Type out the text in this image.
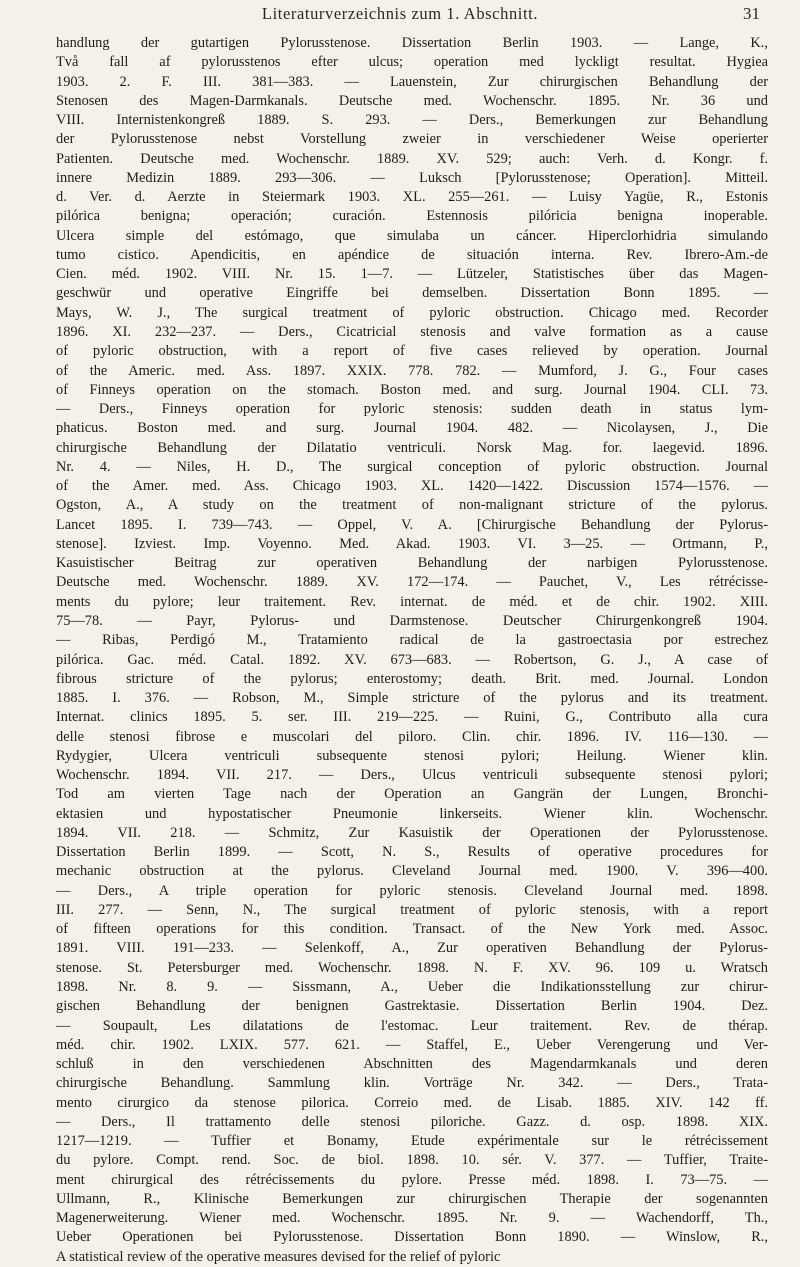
Literaturverzeichnis zum 1. Abschnitt.	31
handlung der gutartigen Pylorusstenose. Dissertation Berlin 1903. — Lange, K.,
Två fall af pylorusstenos efter ulcus; operation med lyckligt resultat. Hygiea
1903. 2. F. III. 381—383. — Lauenstein, Zur chirurgischen Behandlung der
Stenosen des Magen-Darmkanals. Deutsche med. Wochenschr. 1895. Nr. 36 und
VIII. Internistenkongreß 1889. S. 293. — Ders., Bemerkungen zur Behandlung
der Pylorusstenose nebst Vorstellung zweier in verschiedener Weise operierter
Patienten. Deutsche med. Wochenschr. 1889. XV. 529; auch: Verh. d. Kongr. f.
innere Medizin 1889. 293—306. — Luksch [Pylorusstenose; Operation]. Mitteil.
d. Ver. d. Aerzte in Steiermark 1903. XL. 255—261. — Luisy Yagüe, R., Estonis
pilórica benigna; operación; curación. Estennosis pilóricia benigna inoperable.
Ulcera simple del estómago, que simulaba un cáncer. Hiperclorhidria simulando
tumo cistico. Apendicitis, en apéndice de situación interna. Rev. Ibrero-Am.-de
Cien. méd. 1902. VIII. Nr. 15. 1—7. — Lützeler, Statistisches über das Magen-
geschwür und operative Eingriffe bei demselben. Dissertation Bonn 1895. —
Mays, W. J., The surgical treatment of pyloric obstruction. Chicago med. Recorder
1896. XI. 232—237. — Ders., Cicatricial stenosis and valve formation as a cause
of pyloric obstruction, with a report of five cases relieved by operation. Journal
of the Americ. med. Ass. 1897. XXIX. 778. 782. — Mumford, J. G., Four cases
of Finneys operation on the stomach. Boston med. and surg. Journal 1904. CLI. 73.
— Ders., Finneys operation for pyloric stenosis: sudden death in status lym-
phaticus. Boston med. and surg. Journal 1904. 482. — Nicolaysen, J., Die
chirurgische Behandlung der Dilatatio ventriculi. Norsk Mag. for. laegevid. 1896.
Nr. 4. — Niles, H. D., The surgical conception of pyloric obstruction. Journal
of the Amer. med. Ass. Chicago 1903. XL. 1420—1422. Discussion 1574—1576. —
Ogston, A., A study on the treatment of non-malignant stricture of the pylorus.
Lancet 1895. I. 739—743. — Oppel, V. A. [Chirurgische Behandlung der Pylorus-
stenose]. Izviest. Imp. Voyenno. Med. Akad. 1903. VI. 3—25. — Ortmann, P.,
Kasuistischer Beitrag zur operativen Behandlung der narbigen Pylorusstenose.
Deutsche med. Wochenschr. 1889. XV. 172—174. — Pauchet, V., Les rétrécisse-
ments du pylore; leur traitement. Rev. internat. de méd. et de chir. 1902. XIII.
75—78. — Payr, Pylorus- und Darmstenose. Deutscher Chirurgenkongreß 1904.
— Ribas, Perdigó M., Tratamiento radical de la gastroectasia por estrechez
pilórica. Gac. méd. Catal. 1892. XV. 673—683. — Robertson, G. J., A case of
fibrous stricture of the pylorus; enterostomy; death. Brit. med. Journal. London
1885. I. 376. — Robson, M., Simple stricture of the pylorus and its treatment.
Internat. clinics 1895. 5. ser. III. 219—225. — Ruini, G., Contributo alla cura
delle stenosi fibrose e muscolari del piloro. Clin. chir. 1896. IV. 116—130. —
Rydygier, Ulcera ventriculi subsequente stenosi pylori; Heilung. Wiener klin.
Wochenschr. 1894. VII. 217. — Ders., Ulcus ventriculi subsequente stenosi pylori;
Tod am vierten Tage nach der Operation an Gangrän der Lungen, Bronchi-
ektasien und hypostatischer Pneumonie linkerseits. Wiener klin. Wochenschr.
1894. VII. 218. — Schmitz, Zur Kasuistik der Operationen der Pylorusstenose.
Dissertation Berlin 1899. — Scott, N. S., Results of operative procedures for
mechanic obstruction at the pylorus. Cleveland Journal med. 1900. V. 396—400.
— Ders., A triple operation for pyloric stenosis. Cleveland Journal med. 1898.
III. 277. — Senn, N., The surgical treatment of pyloric stenosis, with a report
of fifteen operations for this condition. Transact. of the New York med. Assoc.
1891. VIII. 191—233. — Selenkoff, A., Zur operativen Behandlung der Pylorus-
stenose. St. Petersburger med. Wochenschr. 1898. N. F. XV. 96. 109 u. Wratsch
1898. Nr. 8. 9. — Sissmann, A., Ueber die Indikationsstellung zur chirur-
gischen Behandlung der benignen Gastrektasie. Dissertation Berlin 1904. Dez.
— Soupault, Les dilatations de l'estomac. Leur traitement. Rev. de thérap.
méd. chir. 1902. LXIX. 577. 621. — Staffel, E., Ueber Verengerung und Ver-
schluß in den verschiedenen Abschnitten des Magendarmkanals und deren
chirurgische Behandlung. Sammlung klin. Vorträge Nr. 342. — Ders., Trata-
mento cirurgico da stenose pilorica. Correio med. de Lisab. 1885. XIV. 142 ff.
— Ders., Il trattamento delle stenosi piloriche. Gazz. d. osp. 1898. XIX.
1217—1219. — Tuffier et Bonamy, Etude expérimentale sur le rétrécissement
du pylore. Compt. rend. Soc. de biol. 1898. 10. sér. V. 377. — Tuffier, Traite-
ment chirurgical des rétrécissements du pylore. Presse méd. 1898. I. 73—75. —
Ullmann, R., Klinische Bemerkungen zur chirurgischen Therapie der sogenannten
Magenerweiterung. Wiener med. Wochenschr. 1895. Nr. 9. — Wachendorff, Th.,
Ueber Operationen bei Pylorusstenose. Dissertation Bonn 1890. — Winslow, R.,
A statistical review of the operative measures devised for the relief of pyloric
